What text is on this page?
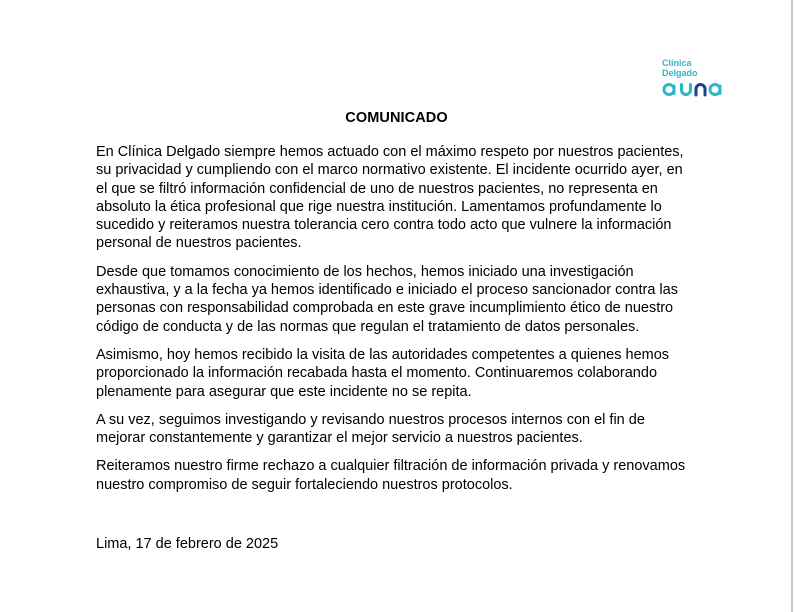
Clínica
Delgado
COMUNICADO

En Clínica Delgado siempre hemos actuado con el máximo respeto por nuestros pacientes, su privacidad y cumpliendo con el marco normativo existente. El incidente ocurrido ayer, en el que se filtró información confidencial de uno de nuestros pacientes, no representa en absoluto la ética profesional que rige nuestra institución. Lamentamos profundamente lo sucedido y reiteramos nuestra tolerancia cero contra todo acto que vulnere la información personal de nuestros pacientes.

Desde que tomamos conocimiento de los hechos, hemos iniciado una investigación exhaustiva, y a la fecha ya hemos identificado e iniciado el proceso sancionador contra las personas con responsabilidad comprobada en este grave incumplimiento ético de nuestro código de conducta y de las normas que regulan el tratamiento de datos personales.

Asimismo, hoy hemos recibido la visita de las autoridades competentes a quienes hemos proporcionado la información recabada hasta el momento. Continuaremos colaborando plenamente para asegurar que este incidente no se repita.

A su vez, seguimos investigando y revisando nuestros procesos internos con el fin de mejorar constantemente y garantizar el mejor servicio a nuestros pacientes.

Reiteramos nuestro firme rechazo a cualquier filtración de información privada y renovamos nuestro compromiso de seguir fortaleciendo nuestros protocolos.

Lima, 17 de febrero de 2025
